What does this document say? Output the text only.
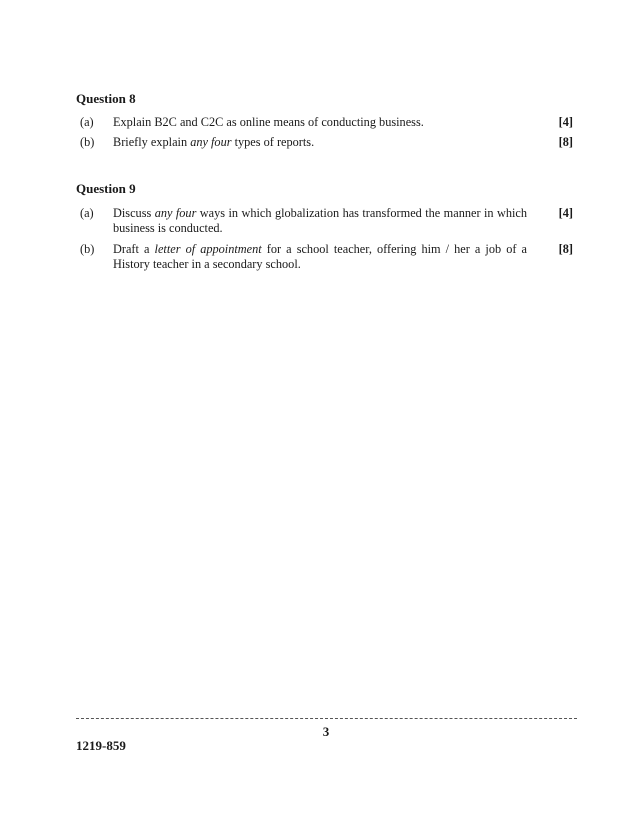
Question 8
(a) Explain B2C and C2C as online means of conducting business.	[4]
(b) Briefly explain any four types of reports.	[8]
Question 9
(a) Discuss any four ways in which globalization has transformed the manner in which business is conducted.
[4]
(b) Draft a letter of appointment for a school teacher, offering him / her a job of a History teacher in a secondary school.
[8]
3
1219-859
